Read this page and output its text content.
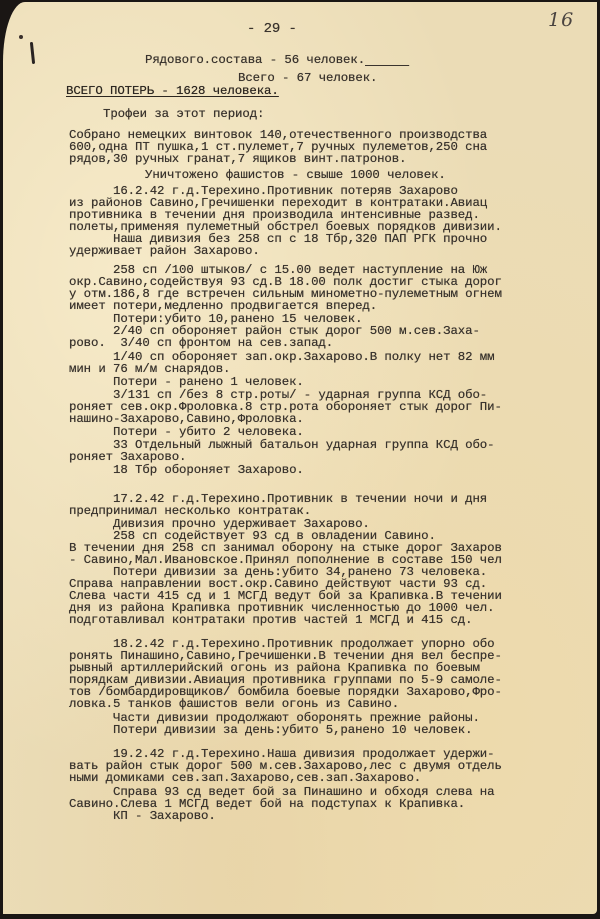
16
- 29 -
Рядового.состава - 56 человек.
Всего - 67 человек.
ВСЕГО ПОТЕРЬ - 1628 человека.
Трофеи за этот период:
Собрано немецких винтовок 140,отечественного производства
600,одна ПТ пушка,1 ст.пулемет,7 ручных пулеметов,250 сна
рядов,30 ручных гранат,7 ящиков винт.патронов.
Уничтожено фашистов - свыше 1000 человек.
16.2.42 г.д.Терехино.Противник потеряв Захарово
из районов Савино,Гречишенки переходит в контратаки.Авиац
противника в течении дня производила интенсивные развед.
полеты,применяя пулеметный обстрел боевых порядков дивизии.
Наша дивизия без 258 сп с 18 Тбр,320 ПАП РГК прочно
удерживает район Захарово.
258 сп /100 штыков/ с 15.00 ведет наступление на Юж
окр.Савино,содействуя 93 сд.В 18.00 полк достиг стыка дорог
у отм.186,8 где встречен сильным минометно-пулеметным огнем
имеет потери,медленно продвигается вперед.
Потери:убито 10,ранено 15 человек.
2/40 сп обороняет район стык дорог 500 м.сев.Заха-
рово.  3/40 сп фронтом на сев.запад.
1/40 сп обороняет зап.окр.Захарово.В полку нет 82 мм
мин и 76 м/м снарядов.
Потери - ранено 1 человек.
3/131 сп /без 8 стр.роты/ - ударная группа КСД обо-
роняет сев.окр.Фроловка.8 стр.рота обороняет стык дорог Пи-
нашино-Захарово,Савино,Фроловка.
Потери - убито 2 человека.
33 Отдельный лыжный батальон ударная группа КСД обо-
роняет Захарово.
18 Тбр обороняет Захарово.
17.2.42 г.д.Терехино.Противник в течении ночи и дня
предпринимал несколько контратак.
Дивизия прочно удерживает Захарово.
258 сп содействует 93 сд в овладении Савино.
В течении дня 258 сп занимал оборону на стыке дорог Захаров
- Савино,Мал.Ивановское.Принял пополнение в составе 150 чел
Потери дивизии за день:убито 34,ранено 73 человека.
Справа направлении вост.окр.Савино действуют части 93 сд.
Слева части 415 сд и 1 МСГД ведут бой за Крапивка.В течении
дня из района Крапивка противник численностью до 1000 чел.
подготавливал контратаки против частей 1 МСГД и 415 сд.
18.2.42 г.д.Терехино.Противник продолжает упорно обо
ронять Пинашино,Савино,Гречишенки.В течении дня вел беспре-
рывный артиллерийский огонь из района Крапивка по боевым
порядкам дивизии.Авиация противника группами по 5-9 самоле-
тов /бомбардировщиков/ бомбила боевые порядки Захарово,Фро-
ловка.5 танков фашистов вели огонь из Савино.
Части дивизии продолжают оборонять прежние районы.
Потери дивизии за день:убито 5,ранено 10 человек.
19.2.42 г.д.Терехино.Наша дивизия продолжает удержи-
вать район стык дорог 500 м.сев.Захарово,лес с двумя отдель
ными домиками сев.зап.Захарово,сев.зап.Захарово.
Справа 93 сд ведет бой за Пинашино и обходя слева на
Савино.Слева 1 МСГД ведет бой на подступах к Крапивка.
КП - Захарово.
